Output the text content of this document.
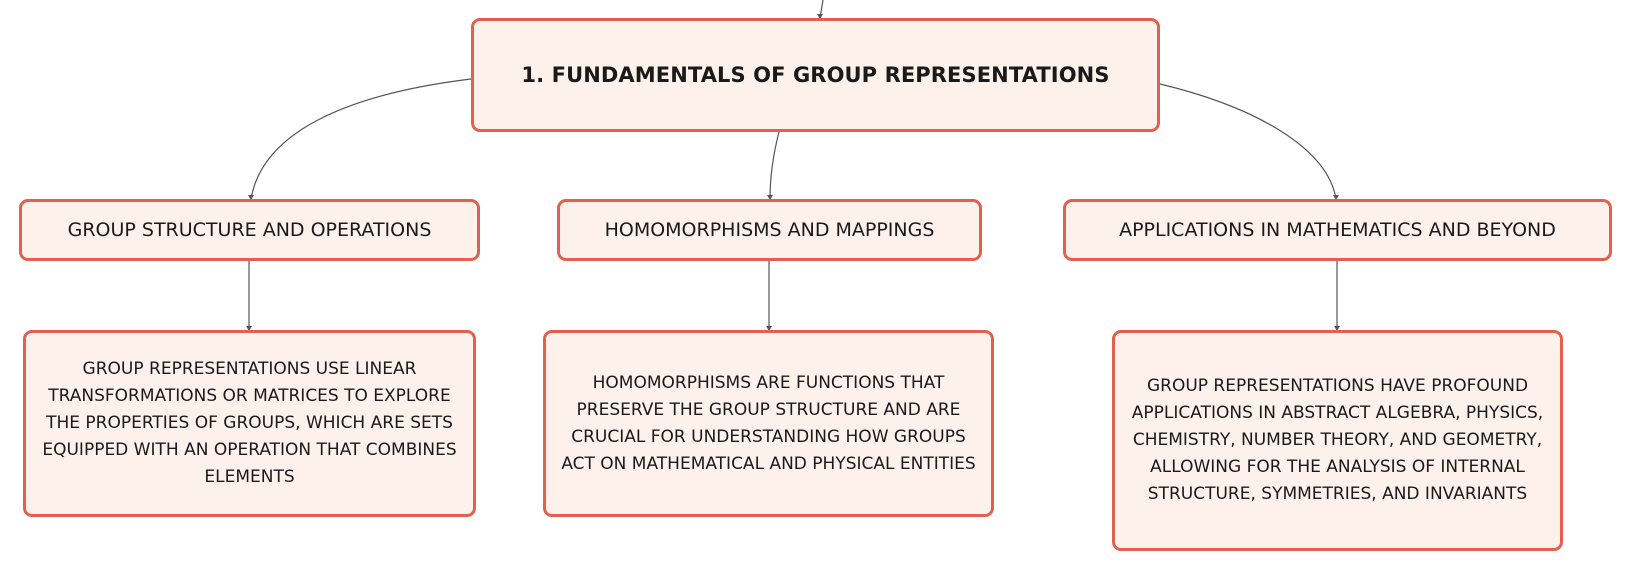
1. FUNDAMENTALS OF GROUP REPRESENTATIONS
GROUP STRUCTURE AND OPERATIONS	HOMOMORPHISMS AND MAPPINGS	APPLICATIONS IN MATHEMATICS AND BEYOND
GROUP REPRESENTATIONS USE LINEAR TRANSFORMATIONS OR MATRICES TO EXPLORE THE PROPERTIES OF GROUPS, WHICH ARE SETS EQUIPPED WITH AN OPERATION THAT COMBINES ELEMENTS
HOMOMORPHISMS ARE FUNCTIONS THAT PRESERVE THE GROUP STRUCTURE AND ARE CRUCIAL FOR UNDERSTANDING HOW GROUPS ACT ON MATHEMATICAL AND PHYSICAL ENTITIES
GROUP REPRESENTATIONS HAVE PROFOUND APPLICATIONS IN ABSTRACT ALGEBRA, PHYSICS, CHEMISTRY, NUMBER THEORY, AND GEOMETRY, ALLOWING FOR THE ANALYSIS OF INTERNAL STRUCTURE, SYMMETRIES, AND INVARIANTS
